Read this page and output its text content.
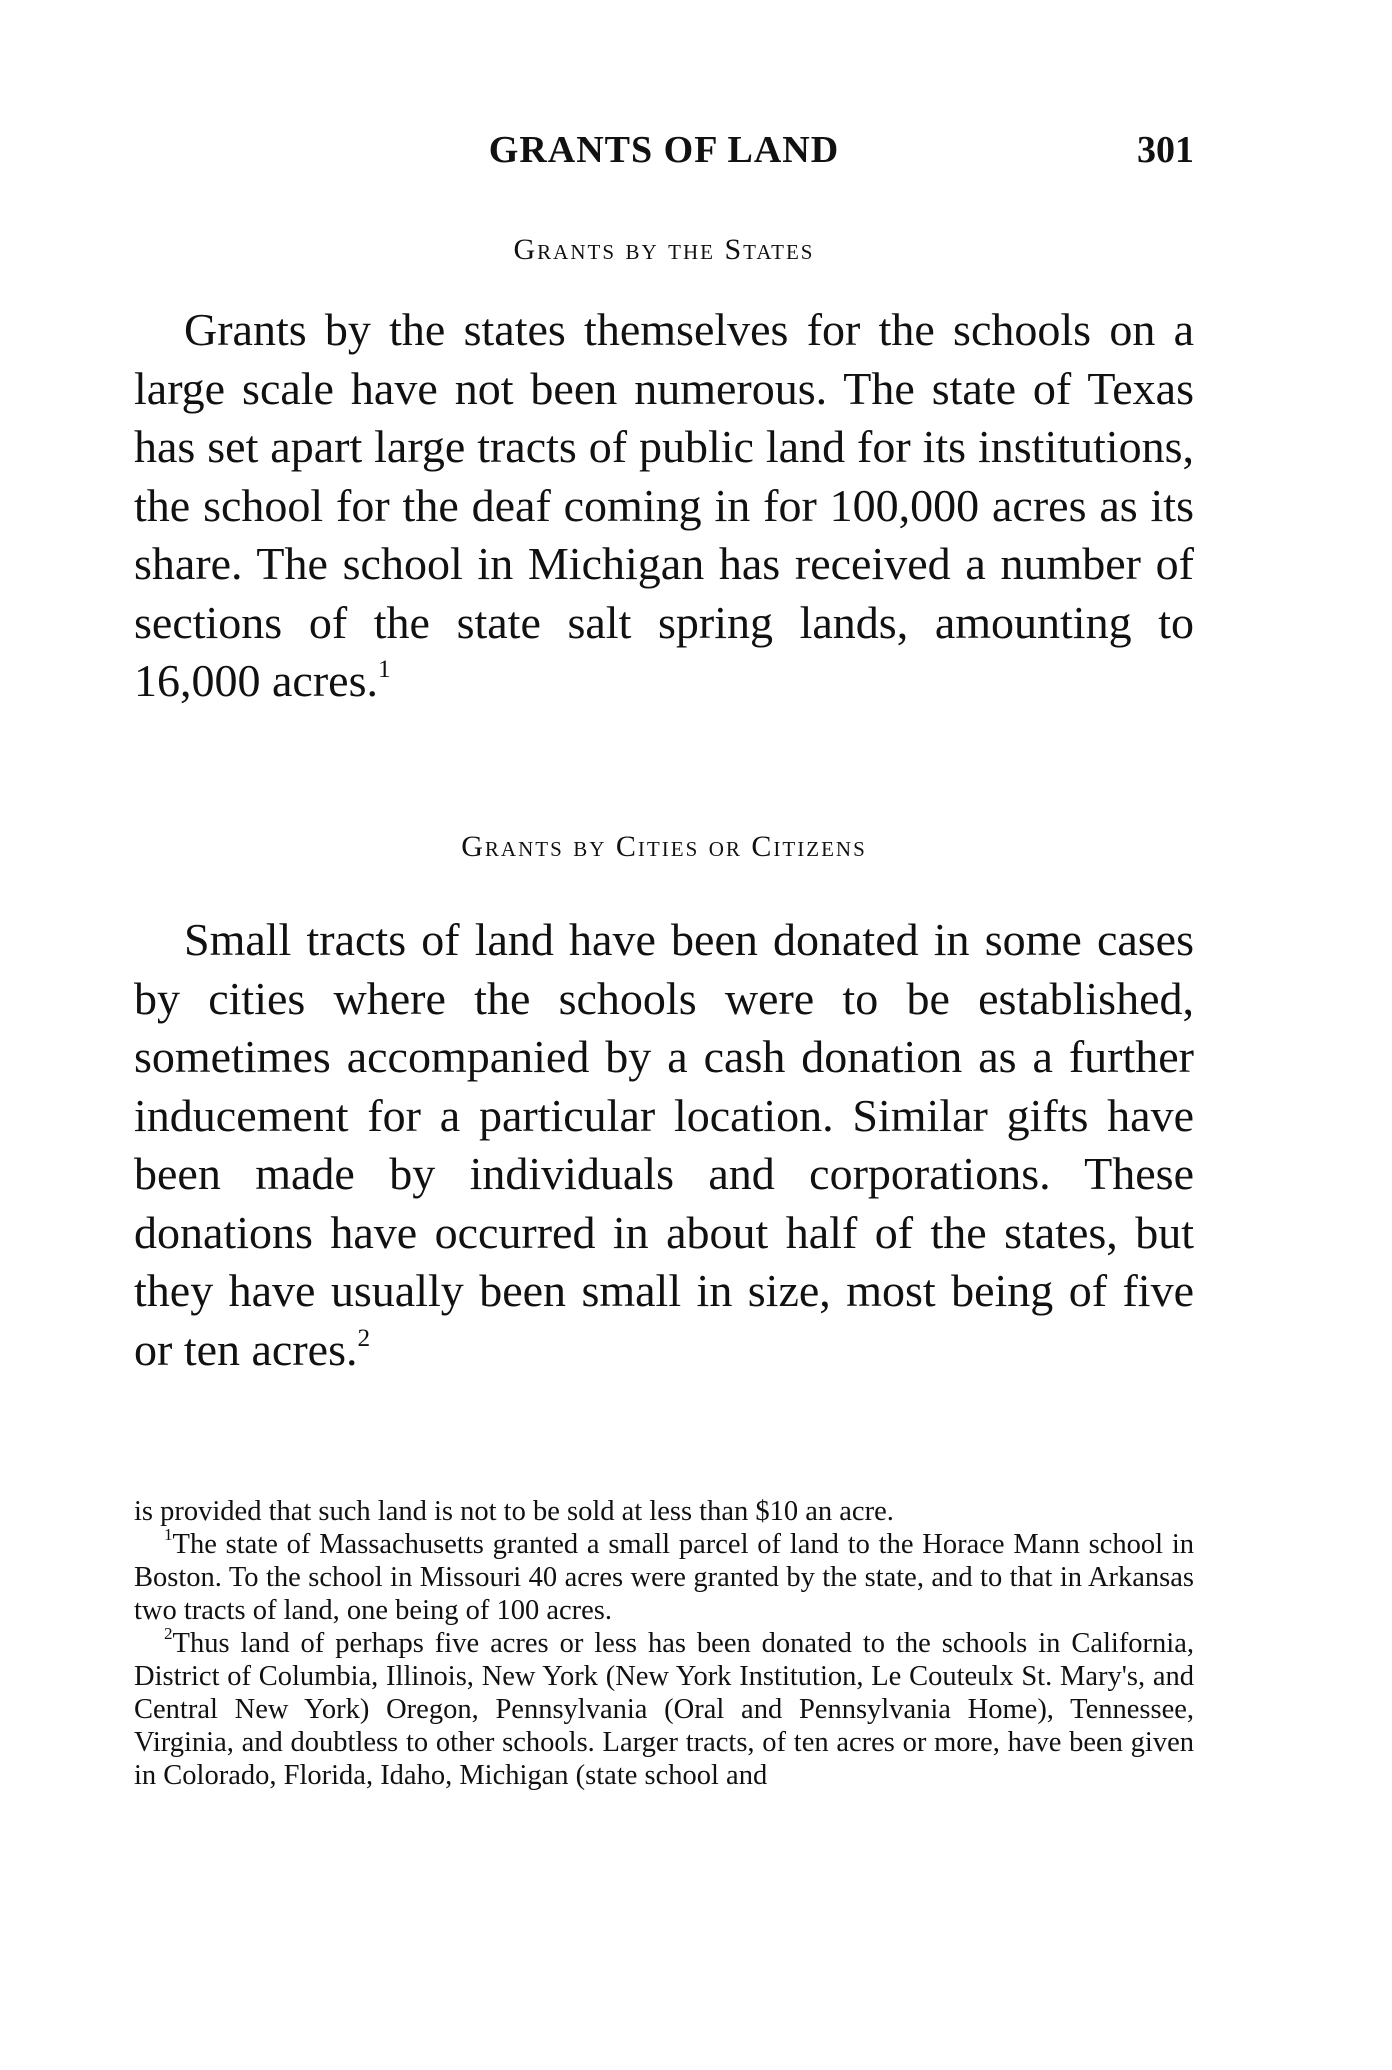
GRANTS OF LAND	301
Grants by the States

Grants by the states themselves for the schools on a large scale have not been numerous. The state of Texas has set apart large tracts of public land for its institutions, the school for the deaf coming in for 100,000 acres as its share. The school in Michigan has received a number of sections of the state salt spring lands, amounting to 16,000 acres.$^1$

Grants by Cities or Citizens

Small tracts of land have been donated in some cases by cities where the schools were to be established, sometimes accompanied by a cash donation as a further inducement for a particular location. Similar gifts have been made by individuals and corporations. These donations have occurred in about half of the states, but they have usually been small in size, most being of five or ten acres.$^2$

is provided that such land is not to be sold at less than $10 an acre.

$^1$The state of Massachusetts granted a small parcel of land to the Horace Mann school in Boston. To the school in Missouri 40 acres were granted by the state, and to that in Arkansas two tracts of land, one being of 100 acres.

$^2$Thus land of perhaps five acres or less has been donated to the schools in California, District of Columbia, Illinois, New York (New York Institution, Le Couteulx St. Mary's, and Central New York) Oregon, Pennsylvania (Oral and Pennsylvania Home), Tennessee, Virginia, and doubtless to other schools. Larger tracts, of ten acres or more, have been given in Colorado, Florida, Idaho, Michigan (state school and
